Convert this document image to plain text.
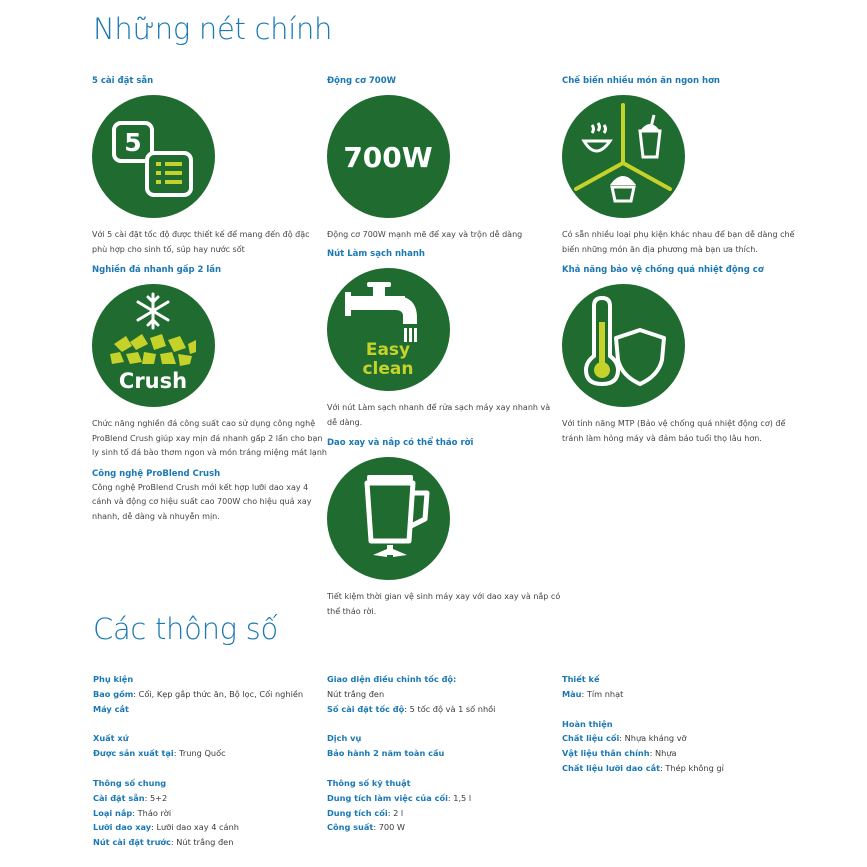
Những nét chính
5 cài đặt sẵn
5

Với 5 cài đặt tốc độ được thiết kế để mang đến độ đặc phù hợp cho sinh tố, súp hay nước sốt

Nghiền đá nhanh gấp 2 lần
Crush

Chức năng nghiền đá công suất cao sử dụng công nghệ ProBlend Crush giúp xay mịn đá nhanh gấp 2 lần cho bạn ly sinh tố đá bào thơm ngon và món tráng miệng mát lạnh

Công nghệ ProBlend Crush

Công nghệ ProBlend Crush mới kết hợp lưỡi dao xay 4 cánh và động cơ hiệu suất cao 700W cho hiệu quả xay nhanh, dễ dàng và nhuyễn mịn.

Động cơ 700W
700W

Động cơ 700W mạnh mẽ để xay và trộn dễ dàng

Nút Làm sạch nhanh
Easy
clean

Với nút Làm sạch nhanh để rửa sạch máy xay nhanh và dễ dàng.

Dao xay và nắp có thể tháo rời

Tiết kiệm thời gian vệ sinh máy xay với dao xay và nắp có thể tháo rời.

Chế biến nhiều món ăn ngon hơn

Có sẵn nhiều loại phụ kiện khác nhau để bạn dễ dàng chế biến những món ăn địa phương mà bạn ưa thích.

Khả năng bảo vệ chống quá nhiệt động cơ

Với tính năng MTP (Bảo vệ chống quá nhiệt động cơ) để tránh làm hỏng máy và đảm bảo tuổi thọ lâu hơn.

Các thông số
Phụ kiện
Bao gồm: Cối, Kẹp gắp thức ăn, Bộ lọc, Cối nghiền
Máy cắt
Xuất xứ
Được sản xuất tại: Trung Quốc
Thông số chung
Cài đặt sẵn: 5+2
Loại nắp: Tháo rời
Lưỡi dao xay: Lưỡi dao xay 4 cánh
Nút cài đặt trước: Nút trắng đen
Giao diện điều chỉnh tốc độ:
Nút trắng đen
Số cài đặt tốc độ: 5 tốc độ và 1 số nhồi
Dịch vụ
Bảo hành 2 năm toàn cầu
Thông số kỹ thuật
Dung tích làm việc của cối: 1,5 l
Dung tích cối: 2 l
Công suất: 700 W
Thiết kế
Màu: Tím nhạt
Hoàn thiện
Chất liệu cối: Nhựa kháng vỡ
Vật liệu thân chính: Nhựa
Chất liệu lưỡi dao cắt: Thép không gỉ
